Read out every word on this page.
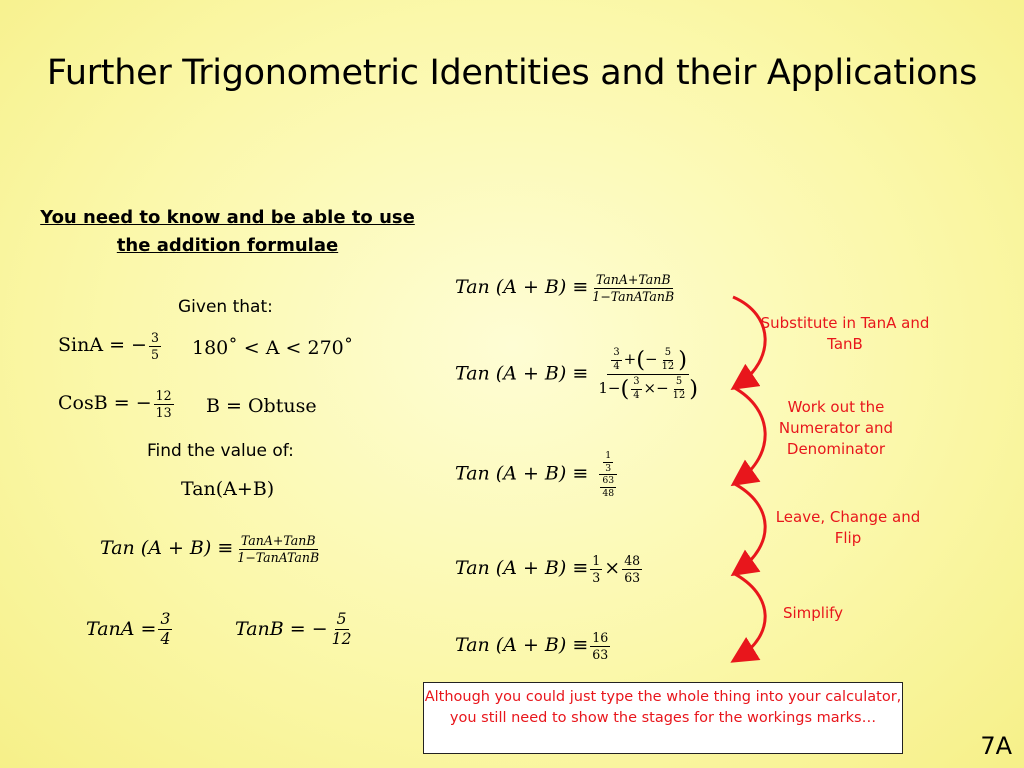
Further Trigonometric Identities and their Applications
You need to know and be able to use the addition formulae
Given that:
SinA = − $\frac{3}{5}$ 180˚ < A < 270˚
CosB = − $\frac{12}{13}$ B = Obtuse
Find the value of:
Tan(A+B)
Tan $(A + B) \equiv \frac{\text{TanA+TanB}}{\text{1−TanATanB}}$
TanA = $\frac{3}{4}$	TanB = − $\frac{5}{12}$
Tan $(A + B) \equiv \frac{\text{TanA+TanB}}{\text{1−TanATanB}}$
Tan $(A + B) \equiv \frac{\frac{3}{4} +(- \frac{5}{12} )}{1-( \frac{3}{4} \times- \frac{5}{12} )}$
Tan $(A + B) \equiv \frac{\frac{1}{3}}{\frac{63}{48}}$
Tan $(A + B) \equiv \frac{1}{3} \times \frac{48}{63}$
Tan $(A + B) \equiv \frac{16}{63}$
Substitute in TanA and TanB
Work out the Numerator and Denominator
Leave, Change and Flip
Simplify
Although you could just type the whole thing into your calculator, you still need to show the stages for the workings marks…
7A
